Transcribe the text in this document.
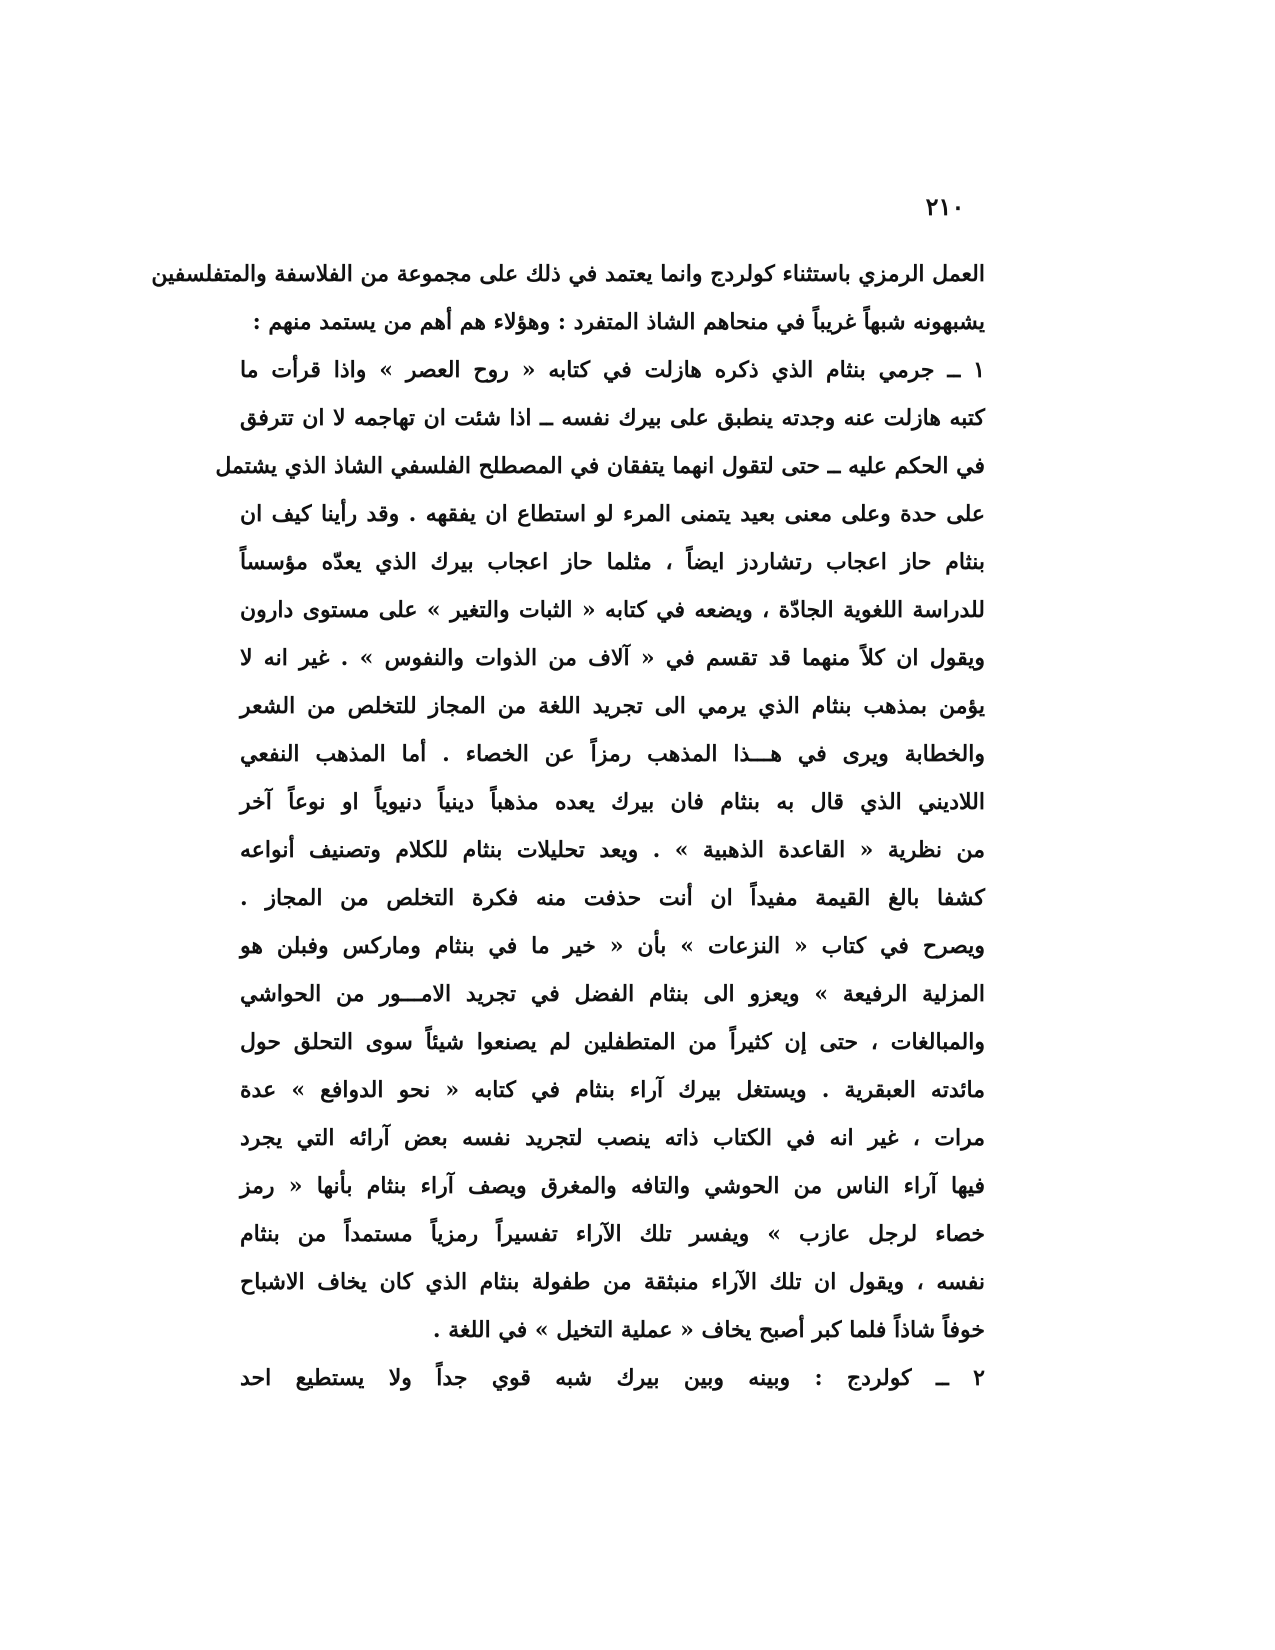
٢١٠
العمل الرمزي باستثناء كولردج وانما يعتمد في ذلك على مجموعة من الفلاسفة والمتفلسفين
يشبهونه شبهاً غريباً في منحاهم الشاذ المتفرد : وهؤلاء هم أهم من يستمد منهم :
١ ــ جرمي بنثام الذي ذكره هازلت في كتابه « روح العصر » واذا قرأت ما
كتبه هازلت عنه وجدته ينطبق على بيرك نفسه ــ اذا شئت ان تهاجمه لا ان تترفق
في الحكم عليه ــ حتى لتقول انهما يتفقان في المصطلح الفلسفي الشاذ الذي يشتمل
على حدة وعلى معنى بعيد يتمنى المرء لو استطاع ان يفقهه . وقد رأينا كيف ان
بنثام حاز اعجاب رتشاردز ايضاً ، مثلما حاز اعجاب بيرك الذي يعدّه مؤسساً
للدراسة اللغوية الجادّة ، ويضعه في كتابه « الثبات والتغير » على مستوى دارون
ويقول ان كلاً منهما قد تقسم في « آلاف من الذوات والنفوس » . غير انه لا
يؤمن بمذهب بنثام الذي يرمي الى تجريد اللغة من المجاز للتخلص من الشعر
والخطابة ويرى في هـــذا المذهب رمزاً عن الخصاء . أما المذهب النفعي
اللاديني الذي قال به بنثام فان بيرك يعده مذهباً دينياً دنيوياً او نوعاً آخر
من نظرية « القاعدة الذهبية » . ويعد تحليلات بنثام للكلام وتصنيف أنواعه
كشفا بالغ القيمة مفيداً ان أنت حذفت منه فكرة التخلص من المجاز .
ويصرح في كتاب « النزعات » بأن « خير ما في بنثام وماركس وفبلن هو
المزلية الرفيعة » ويعزو الى بنثام الفضل في تجريد الامـــور من الحواشي
والمبالغات ، حتى إن كثيراً من المتطفلين لم يصنعوا شيئاً سوى التحلق حول
مائدته العبقرية . ويستغل بيرك آراء بنثام في كتابه « نحو الدوافع » عدة
مرات ، غير انه في الكتاب ذاته ينصب لتجريد نفسه بعض آرائه التي يجرد
فيها آراء الناس من الحوشي والتافه والمغرق ويصف آراء بنثام بأنها « رمز
خصاء لرجل عازب » ويفسر تلك الآراء تفسيراً رمزياً مستمداً من بنثام
نفسه ، ويقول ان تلك الآراء منبثقة من طفولة بنثام الذي كان يخاف الاشباح
خوفاً شاذاً فلما كبر أصبح يخاف « عملية التخيل » في اللغة .
٢ ــ كولردج : وبينه وبين بيرك شبه قوي جداً ولا يستطيع احد
